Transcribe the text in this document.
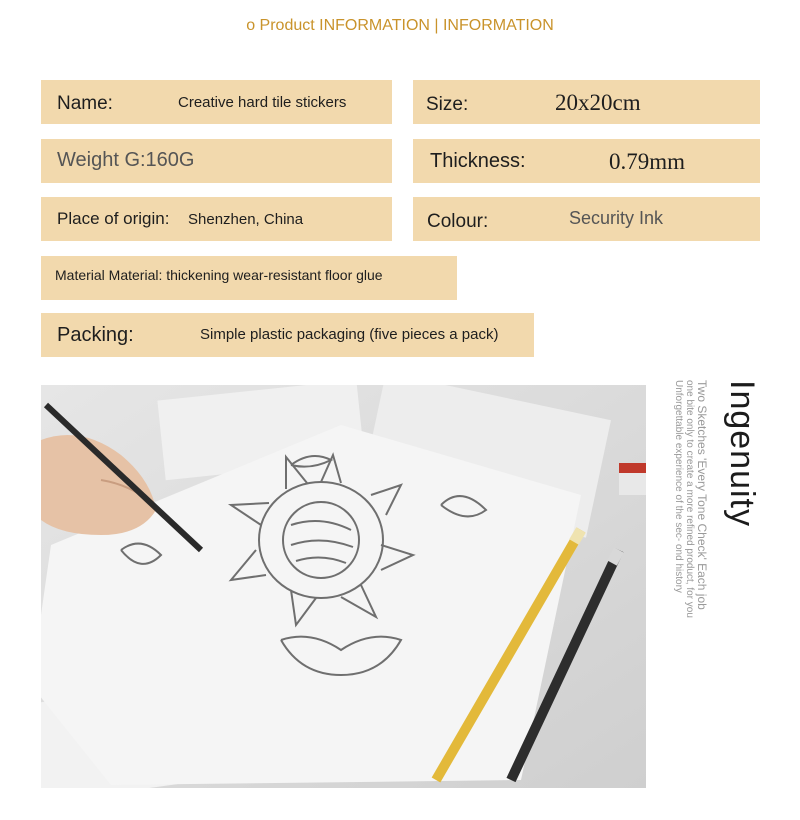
o Product INFORMATION | INFORMATION
Name:	Creative hard tile stickers	Size:	20x20cm
Weight G:160G	Thickness:	0.79mm
Place of origin: Shenzhen, China	Colour:	Security Ink
Material Material: thickening wear-resistant floor glue
Packing:	Simple plastic packaging (five pieces a pack)
Ingenuity
Two Sketches 'Every Tone Check' Each job
one bite only to create a more refined product, for you Unforgettable experience of the sec- ond history
